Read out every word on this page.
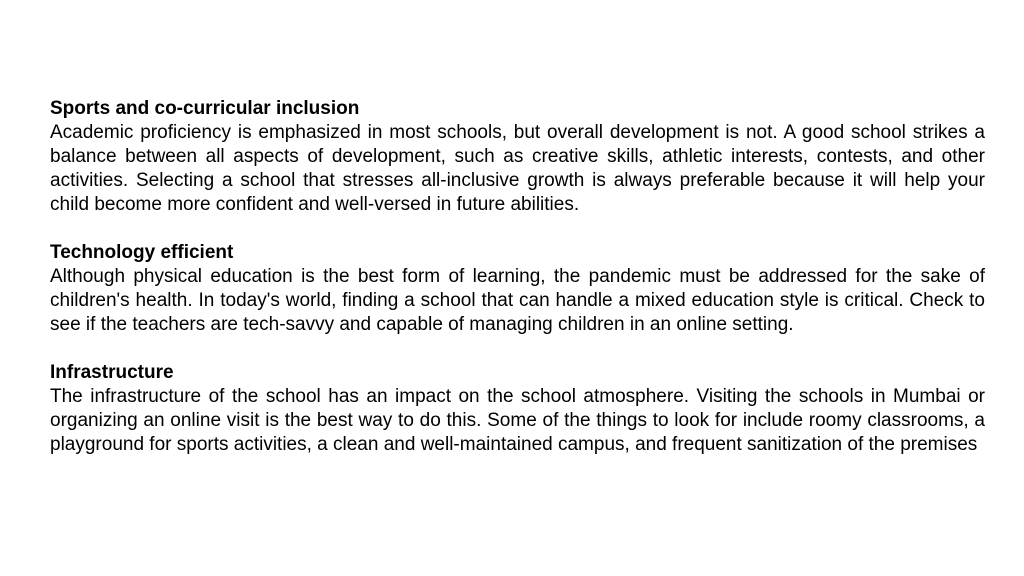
Sports and co-curricular inclusion

Academic proficiency is emphasized in most schools, but overall development is not. A good school strikes a balance between all aspects of development, such as creative skills, athletic interests, contests, and other activities. Selecting a school that stresses all-inclusive growth is always preferable because it will help your child become more confident and well-versed in future abilities.

Technology efficient

Although physical education is the best form of learning, the pandemic must be addressed for the sake of children's health. In today's world, finding a school that can handle a mixed education style is critical. Check to see if the teachers are tech-savvy and capable of managing children in an online setting.

Infrastructure

The infrastructure of the school has an impact on the school atmosphere. Visiting the schools in Mumbai or organizing an online visit is the best way to do this. Some of the things to look for include roomy classrooms, a playground for sports activities, a clean and well-maintained campus, and frequent sanitization of the premises
